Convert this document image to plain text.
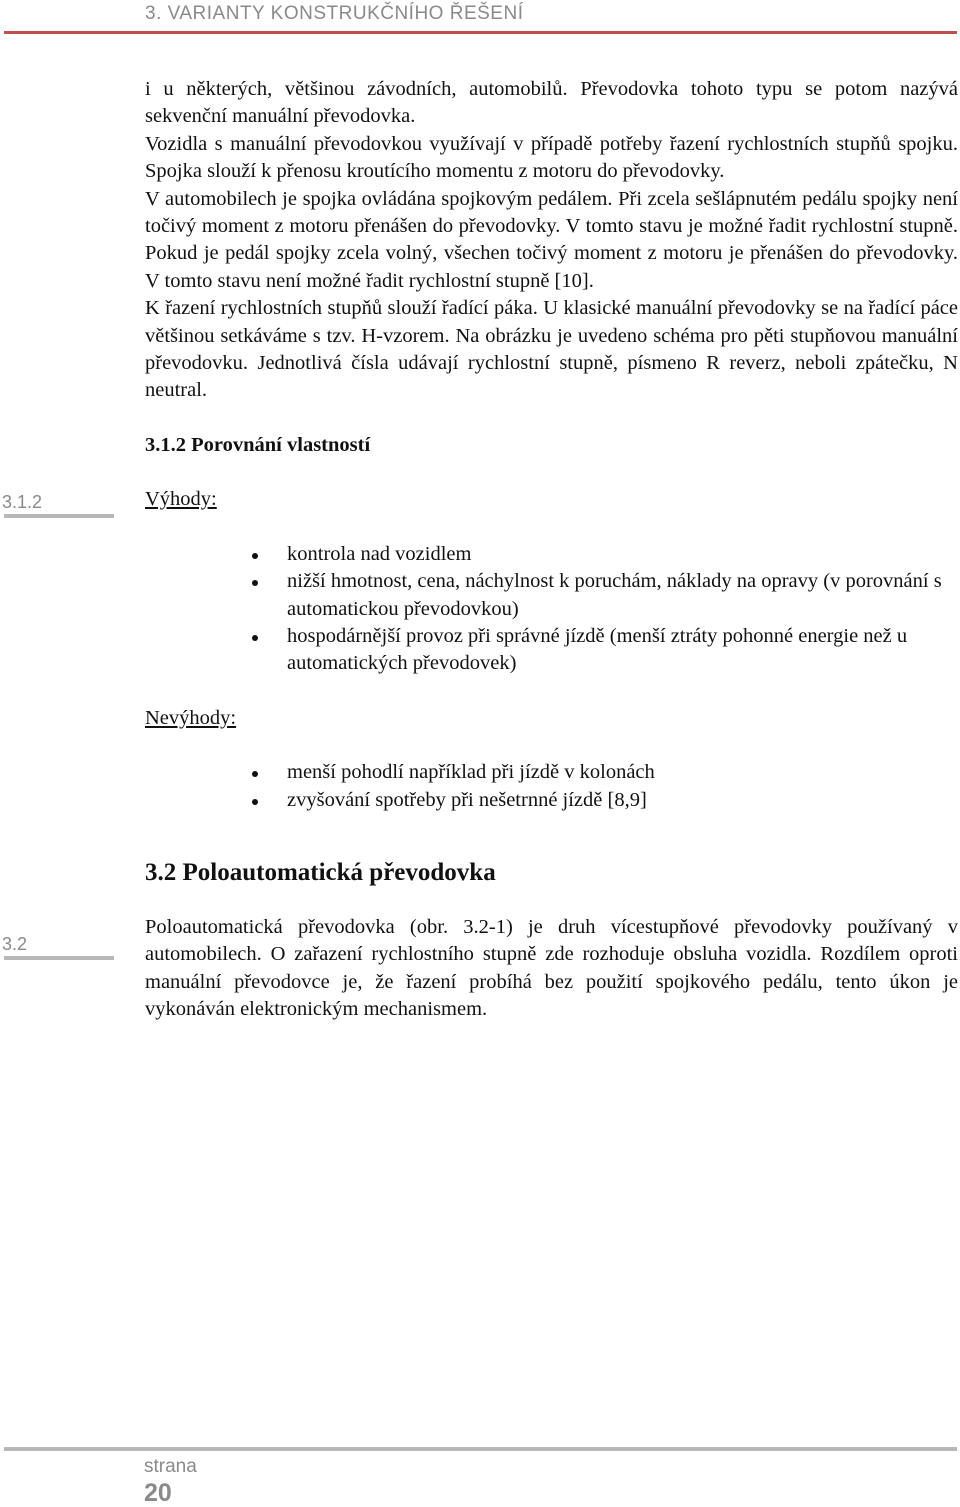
3. VARIANTY KONSTRUKČNÍHO ŘEŠENÍ
3.1.2
3.2

i u některých, většinou závodních, automobilů. Převodovka tohoto typu se potom nazývá sekvenční manuální převodovka.

Vozidla s manuální převodovkou využívají v případě potřeby řazení rychlostních stupňů spojku. Spojka slouží k přenosu kroutícího momentu z motoru do převodovky.

V automobilech je spojka ovládána spojkovým pedálem. Při zcela sešlápnutém pedálu spojky není točivý moment z motoru přenášen do převodovky. V tomto stavu je možné řadit rychlostní stupně. Pokud je pedál spojky zcela volný, všechen točivý moment z motoru je přenášen do převodovky. V tomto stavu není možné řadit rychlostní stupně [10].

K řazení rychlostních stupňů slouží řadící páka. U klasické manuální převodovky se na řadící páce většinou setkáváme s tzv. H-vzorem. Na obrázku je uvedeno schéma pro pěti stupňovou manuální převodovku. Jednotlivá čísla udávají rychlostní stupně, písmeno R reverz, neboli zpátečku, N neutral.

3.1.2 Porovnání vlastností
Výhody:
kontrola nad vozidlem
nižší hmotnost, cena, náchylnost k poruchám, náklady na opravy (v porovnání s automatickou převodovkou)
hospodárnější provoz při správné jízdě (menší ztráty pohonné energie než u automatických převodovek)
Nevýhody:
menší pohodlí například při jízdě v kolonách
zvyšování spotřeby při nešetrnné jízdě [8,9]
3.2 Poloautomatická převodovka

Poloautomatická převodovka (obr. 3.2-1) je druh vícestupňové převodovky používaný v automobilech. O zařazení rychlostního stupně zde rozhoduje obsluha vozidla. Rozdílem oproti manuální převodovce je, že řazení probíhá bez použití spojkového pedálu, tento úkon je vykonáván elektronickým mechanismem.

strana
20
